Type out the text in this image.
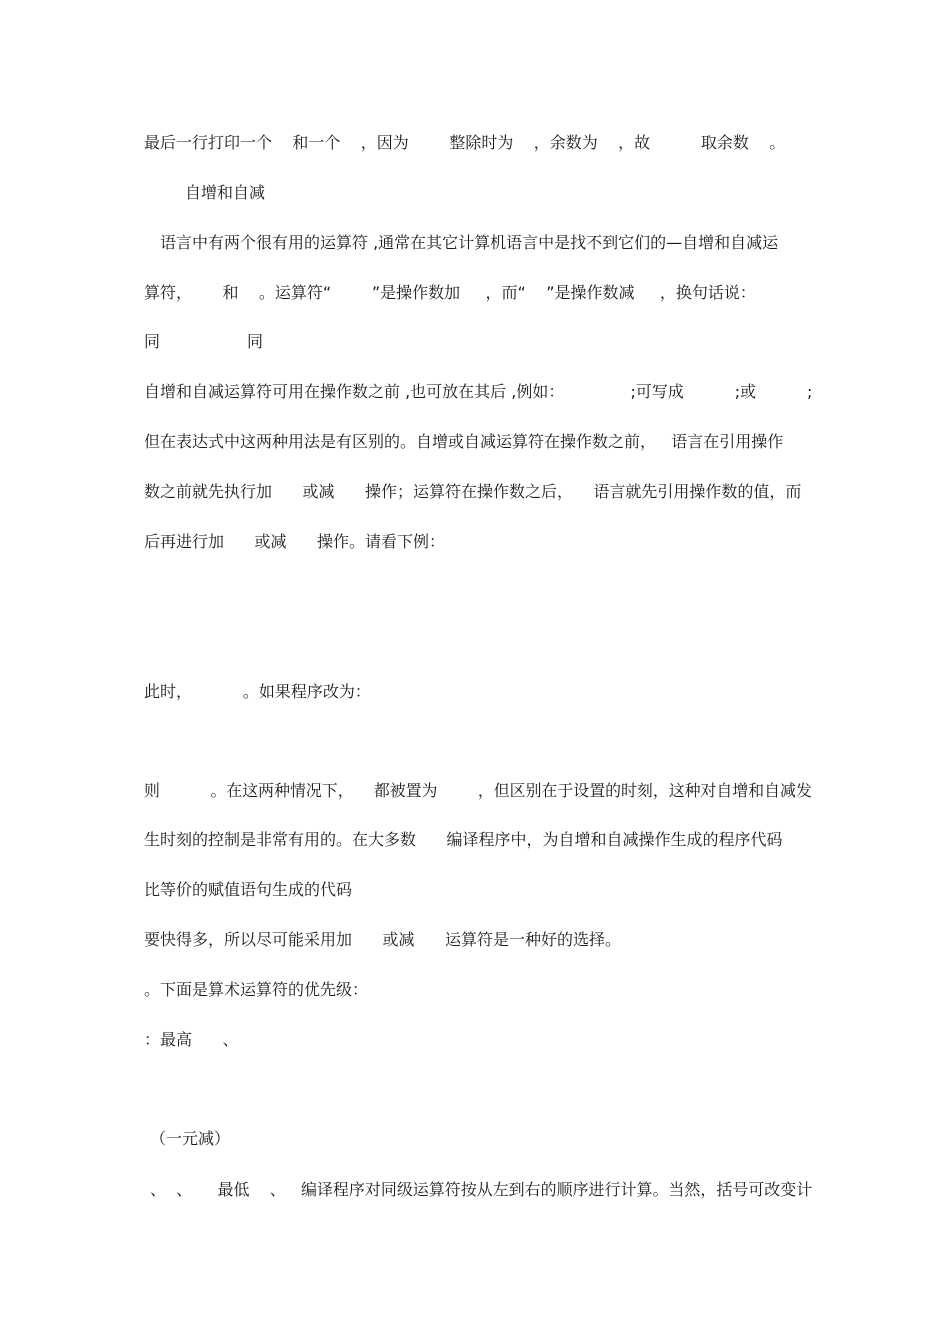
最后一行打印一个    和一个    ，因为        整除时为    ，余数为    ，故          取余数    。
自增和自减
语言中有两个很有用的运算符 ,通常在其它计算机语言中是找不到它们的—自增和自减运
算符，      和    。运算符“        ”是操作数加     ，而“    ”是操作数减     ，换句话说：
同	同
自增和自减运算符可用在操作数之前 ,也可放在其后 ,例如：             ;可写成          ;或          ;
但在表达式中这两种用法是有区别的。自增或自减运算符在操作数之前，   语言在引用操作
数之前就先执行加      或减      操作；运算符在操作数之后，    语言就先引用操作数的值，而
后再进行加      或减      操作。请看下例：
此时，          。如果程序改为：
则          。在这两种情况下，    都被置为        ，但区别在于设置的时刻，这种对自增和自减发
生时刻的控制是非常有用的。在大多数      编译程序中，为自增和自减操作生成的程序代码
比等价的赋值语句生成的代码
要快得多，所以尽可能采用加      或减      运算符是一种好的选择。
。下面是算术运算符的优先级：
：最高      、
（一元减）
、  、     最低    、   编译程序对同级运算符按从左到右的顺序进行计算。当然，括号可改变计
